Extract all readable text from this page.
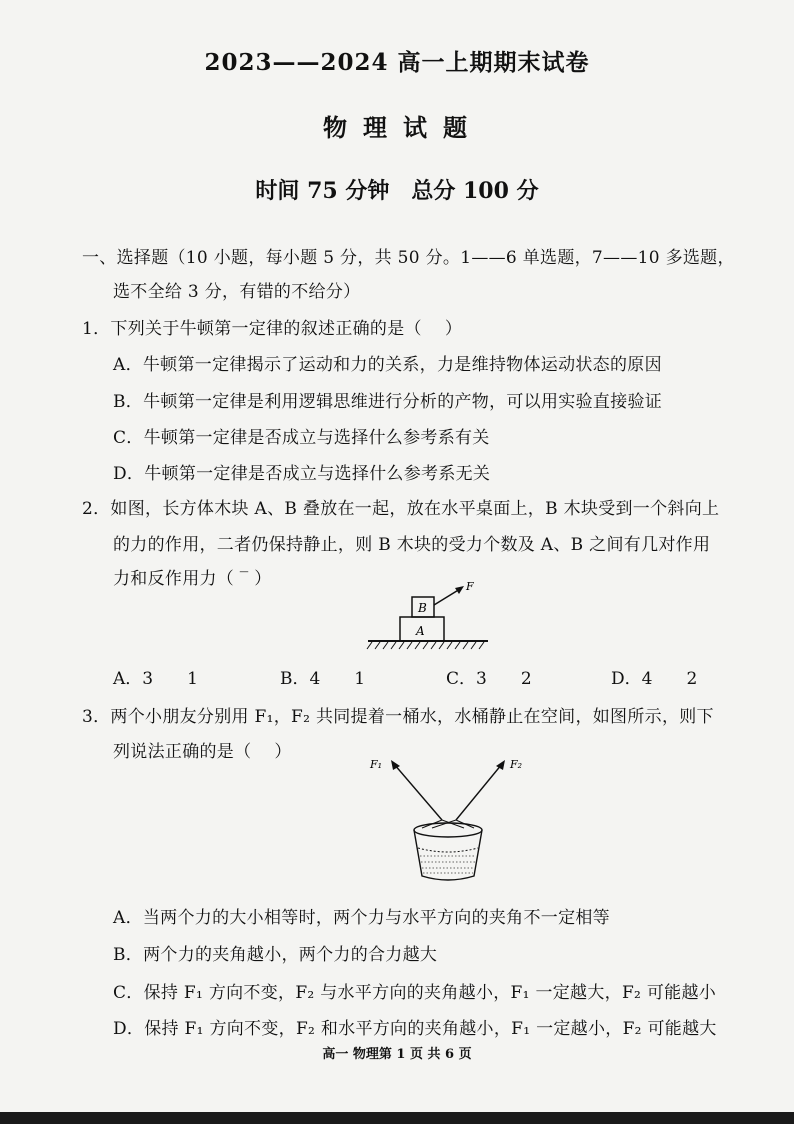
2023——2024 高一上期期末试卷
物理试题
时间 75 分钟　总分 100 分
一、选择题（10 小题，每小题 5 分，共 50 分。1——6 单选题，7——10 多选题，
选不全给 3 分，有错的不给分）
1．下列关于牛顿第一定律的叙述正确的是（　 ）
A．牛顿第一定律揭示了运动和力的关系，力是维持物体运动状态的原因
B．牛顿第一定律是利用逻辑思维进行分析的产物，可以用实验直接验证
C．牛顿第一定律是否成立与选择什么参考系有关
D．牛顿第一定律是否成立与选择什么参考系无关
2．如图，长方体木块 A、B 叠放在一起，放在水平桌面上，B 木块受到一个斜向上
的力的作用，二者仍保持静止，则 B 木块的受力个数及 A、B 之间有几对作用
力和反作用力（ ‾ ）	F
B
A
A．3　　1	B．4　　1	C．3　　2	D．4　　2
3．两个小朋友分别用 F₁，F₂ 共同提着一桶水，水桶静止在空间，如图所示，则下
列说法正确的是（　 ）
F₁	F₂
A．当两个力的大小相等时，两个力与水平方向的夹角不一定相等
B．两个力的夹角越小，两个力的合力越大
C．保持 F₁ 方向不变，F₂ 与水平方向的夹角越小，F₁ 一定越大，F₂ 可能越小
D．保持 F₁ 方向不变，F₂ 和水平方向的夹角越小，F₁ 一定越小，F₂ 可能越大
高一 物理第 1 页 共 6 页
